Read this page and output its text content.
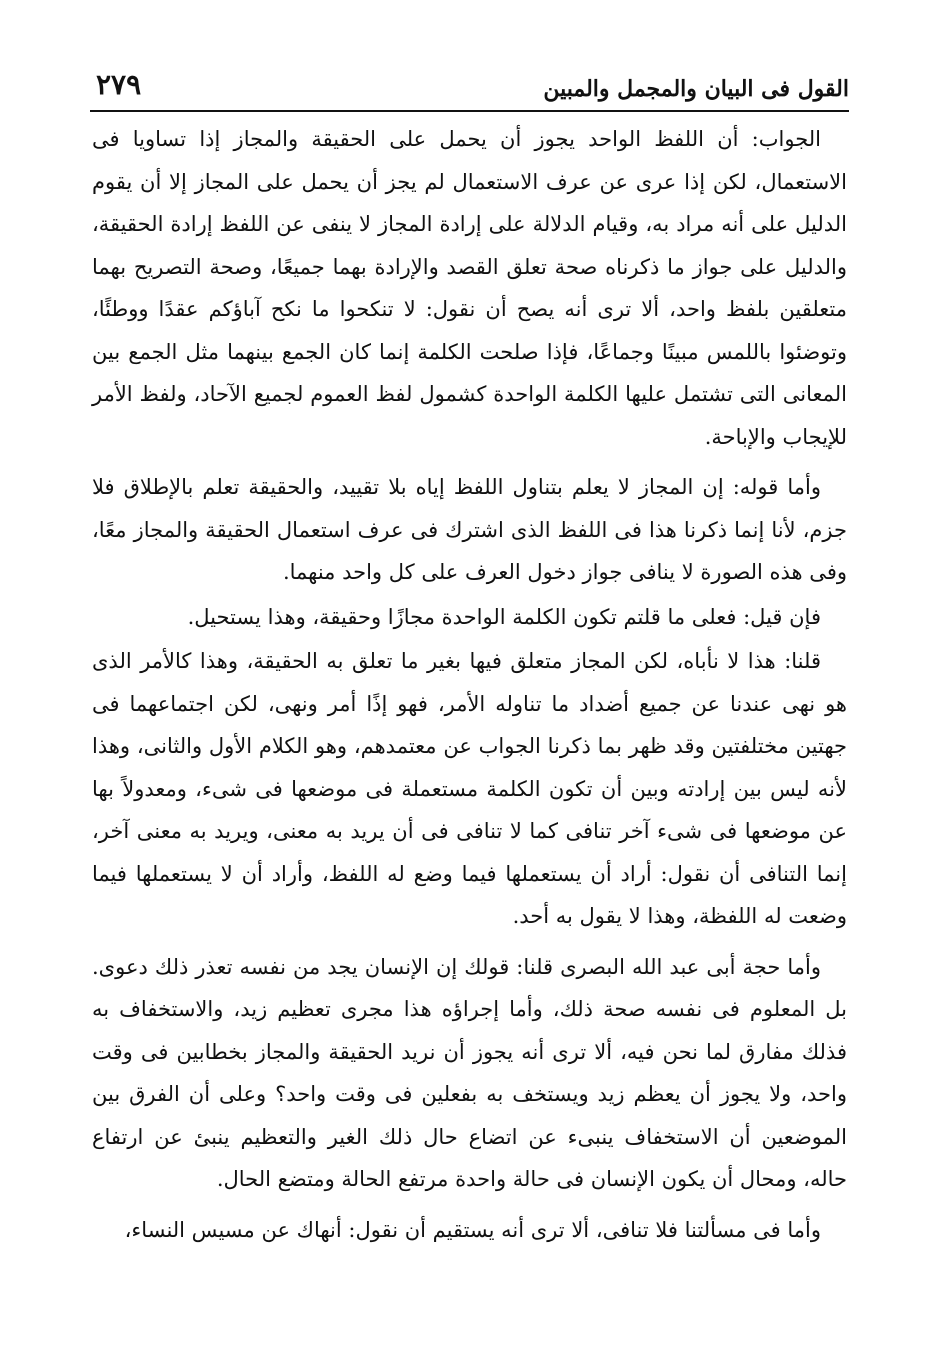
القول فى البيان والمجمل والمبين
٢٧٩

الجواب: أن اللفظ الواحد يجوز أن يحمل على الحقيقة والمجاز إذا تساويا فى الاستعمال، لكن إذا عرى عن عرف الاستعمال لم يجز أن يحمل على المجاز إلا أن يقوم الدليل على أنه مراد به، وقيام الدلالة على إرادة المجاز لا ينفى عن اللفظ إرادة الحقيقة، والدليل على جواز ما ذكرناه صحة تعلق القصد والإرادة بهما جميعًا، وصحة التصريح بهما متعلقين بلفظ واحد، ألا ترى أنه يصح أن نقول: لا تنكحوا ما نكح آباؤكم عقدًا ووطئًا، وتوضئوا باللمس مبينًا وجماعًا، فإذا صلحت الكلمة إنما كان الجمع بينهما مثل الجمع بين المعانى التى تشتمل عليها الكلمة الواحدة كشمول لفظ العموم لجميع الآحاد، ولفظ الأمر للإيجاب والإباحة.

وأما قوله: إن المجاز لا يعلم بتناول اللفظ إياه بلا تقييد، والحقيقة تعلم بالإطلاق فلا جزم، لأنا إنما ذكرنا هذا فى اللفظ الذى اشترك فى عرف استعمال الحقيقة والمجاز معًا، وفى هذه الصورة لا ينافى جواز دخول العرف على كل واحد منهما.

فإن قيل: فعلى ما قلتم تكون الكلمة الواحدة مجازًا وحقيقة، وهذا يستحيل.

قلنا: هذا لا نأباه، لكن المجاز متعلق فيها بغير ما تعلق به الحقيقة، وهذا كالأمر الذى هو نهى عندنا عن جميع أضداد ما تناوله الأمر، فهو إذًا أمر ونهى، لكن اجتماعهما فى جهتين مختلفتين وقد ظهر بما ذكرنا الجواب عن معتمدهم، وهو الكلام الأول والثانى، وهذا لأنه ليس بين إرادته وبين أن تكون الكلمة مستعملة فى موضعها فى شىء، ومعدولاً بها عن موضعها فى شىء آخر تنافى كما لا تنافى فى أن يريد به معنى، ويريد به معنى آخر، إنما التنافى أن نقول: أراد أن يستعملها فيما وضع له اللفظ، وأراد أن لا يستعملها فيما وضعت له اللفظة، وهذا لا يقول به أحد.

وأما حجة أبى عبد الله البصرى قلنا: قولك إن الإنسان يجد من نفسه تعذر ذلك دعوى. بل المعلوم فى نفسه صحة ذلك، وأما إجراؤه هذا مجرى تعظيم زيد، والاستخفاف به فذلك مفارق لما نحن فيه، ألا ترى أنه يجوز أن نريد الحقيقة والمجاز بخطابين فى وقت واحد، ولا يجوز أن يعظم زيد ويستخف به بفعلين فى وقت واحد؟ وعلى أن الفرق بين الموضعين أن الاستخفاف ينبىء عن اتضاع حال ذلك الغير والتعظيم ينبئ عن ارتفاع حاله، ومحال أن يكون الإنسان فى حالة واحدة مرتفع الحالة ومتضع الحال.

وأما فى مسألتنا فلا تنافى، ألا ترى أنه يستقيم أن نقول: أنهاك عن مسيس النساء،
